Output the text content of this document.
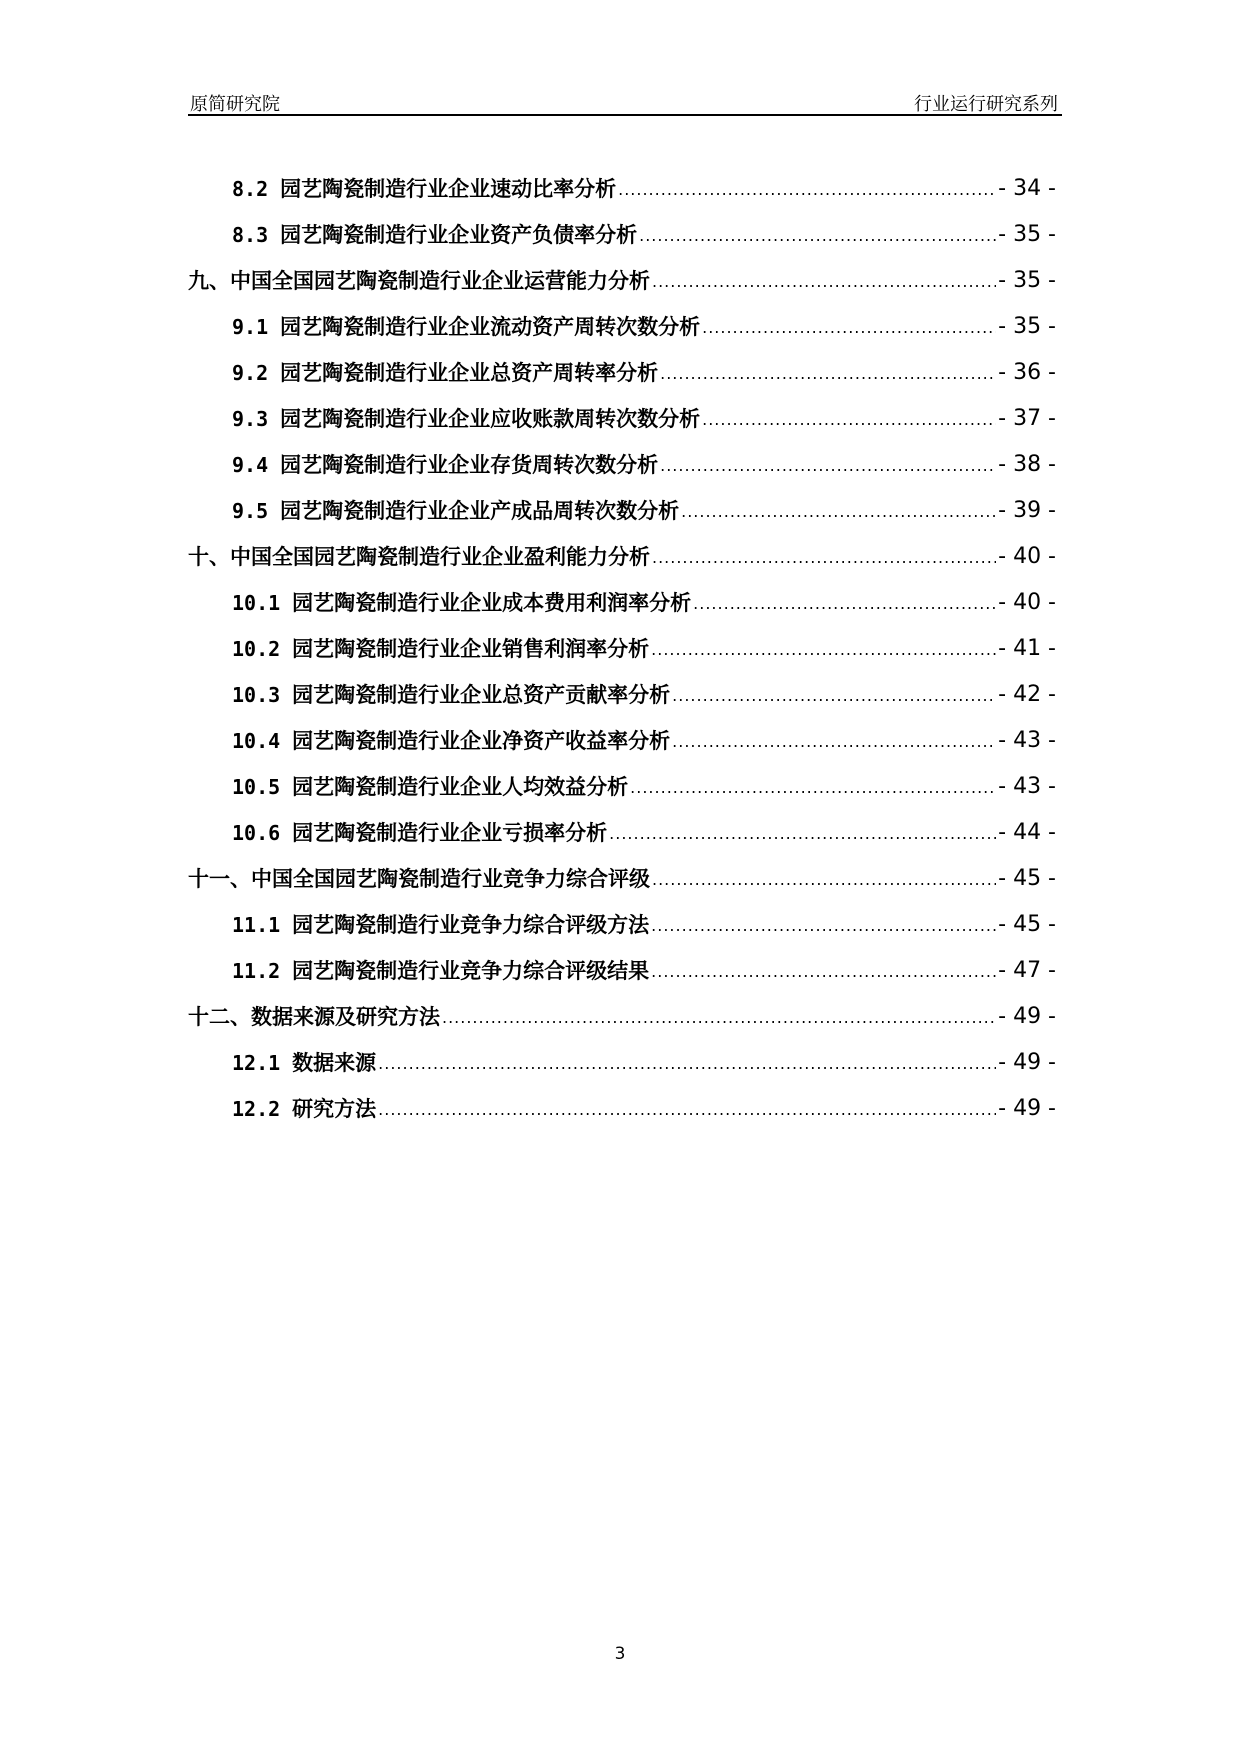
原简研究院	行业运行研究系列
8.2 园艺陶瓷制造行业企业速动比率分析 .....	- 34 -
8.3 园艺陶瓷制造行业企业资产负债率分析 .....	- 35 -
九、中国全国园艺陶瓷制造行业企业运营能力分析 .....	- 35 -
9.1 园艺陶瓷制造行业企业流动资产周转次数分析 .....	- 35 -
9.2 园艺陶瓷制造行业企业总资产周转率分析 .....	- 36 -
9.3 园艺陶瓷制造行业企业应收账款周转次数分析 .....	- 37 -
9.4 园艺陶瓷制造行业企业存货周转次数分析 .....	- 38 -
9.5 园艺陶瓷制造行业企业产成品周转次数分析 .....	- 39 -
十、中国全国园艺陶瓷制造行业企业盈利能力分析 .....	- 40 -
10.1 园艺陶瓷制造行业企业成本费用利润率分析 .....	- 40 -
10.2 园艺陶瓷制造行业企业销售利润率分析 .....	- 41 -
10.3 园艺陶瓷制造行业企业总资产贡献率分析 .....	- 42 -
10.4 园艺陶瓷制造行业企业净资产收益率分析 .....	- 43 -
10.5 园艺陶瓷制造行业企业人均效益分析 .....	- 43 -
10.6 园艺陶瓷制造行业企业亏损率分析 .....	- 44 -
十一、中国全国园艺陶瓷制造行业竞争力综合评级 .....	- 45 -
11.1 园艺陶瓷制造行业竞争力综合评级方法 .....	- 45 -
11.2 园艺陶瓷制造行业竞争力综合评级结果 .....	- 47 -
十二、数据来源及研究方法 .....	- 49 -
12.1 数据来源 .....	- 49 -
12.2 研究方法 .....	- 49 -
3
